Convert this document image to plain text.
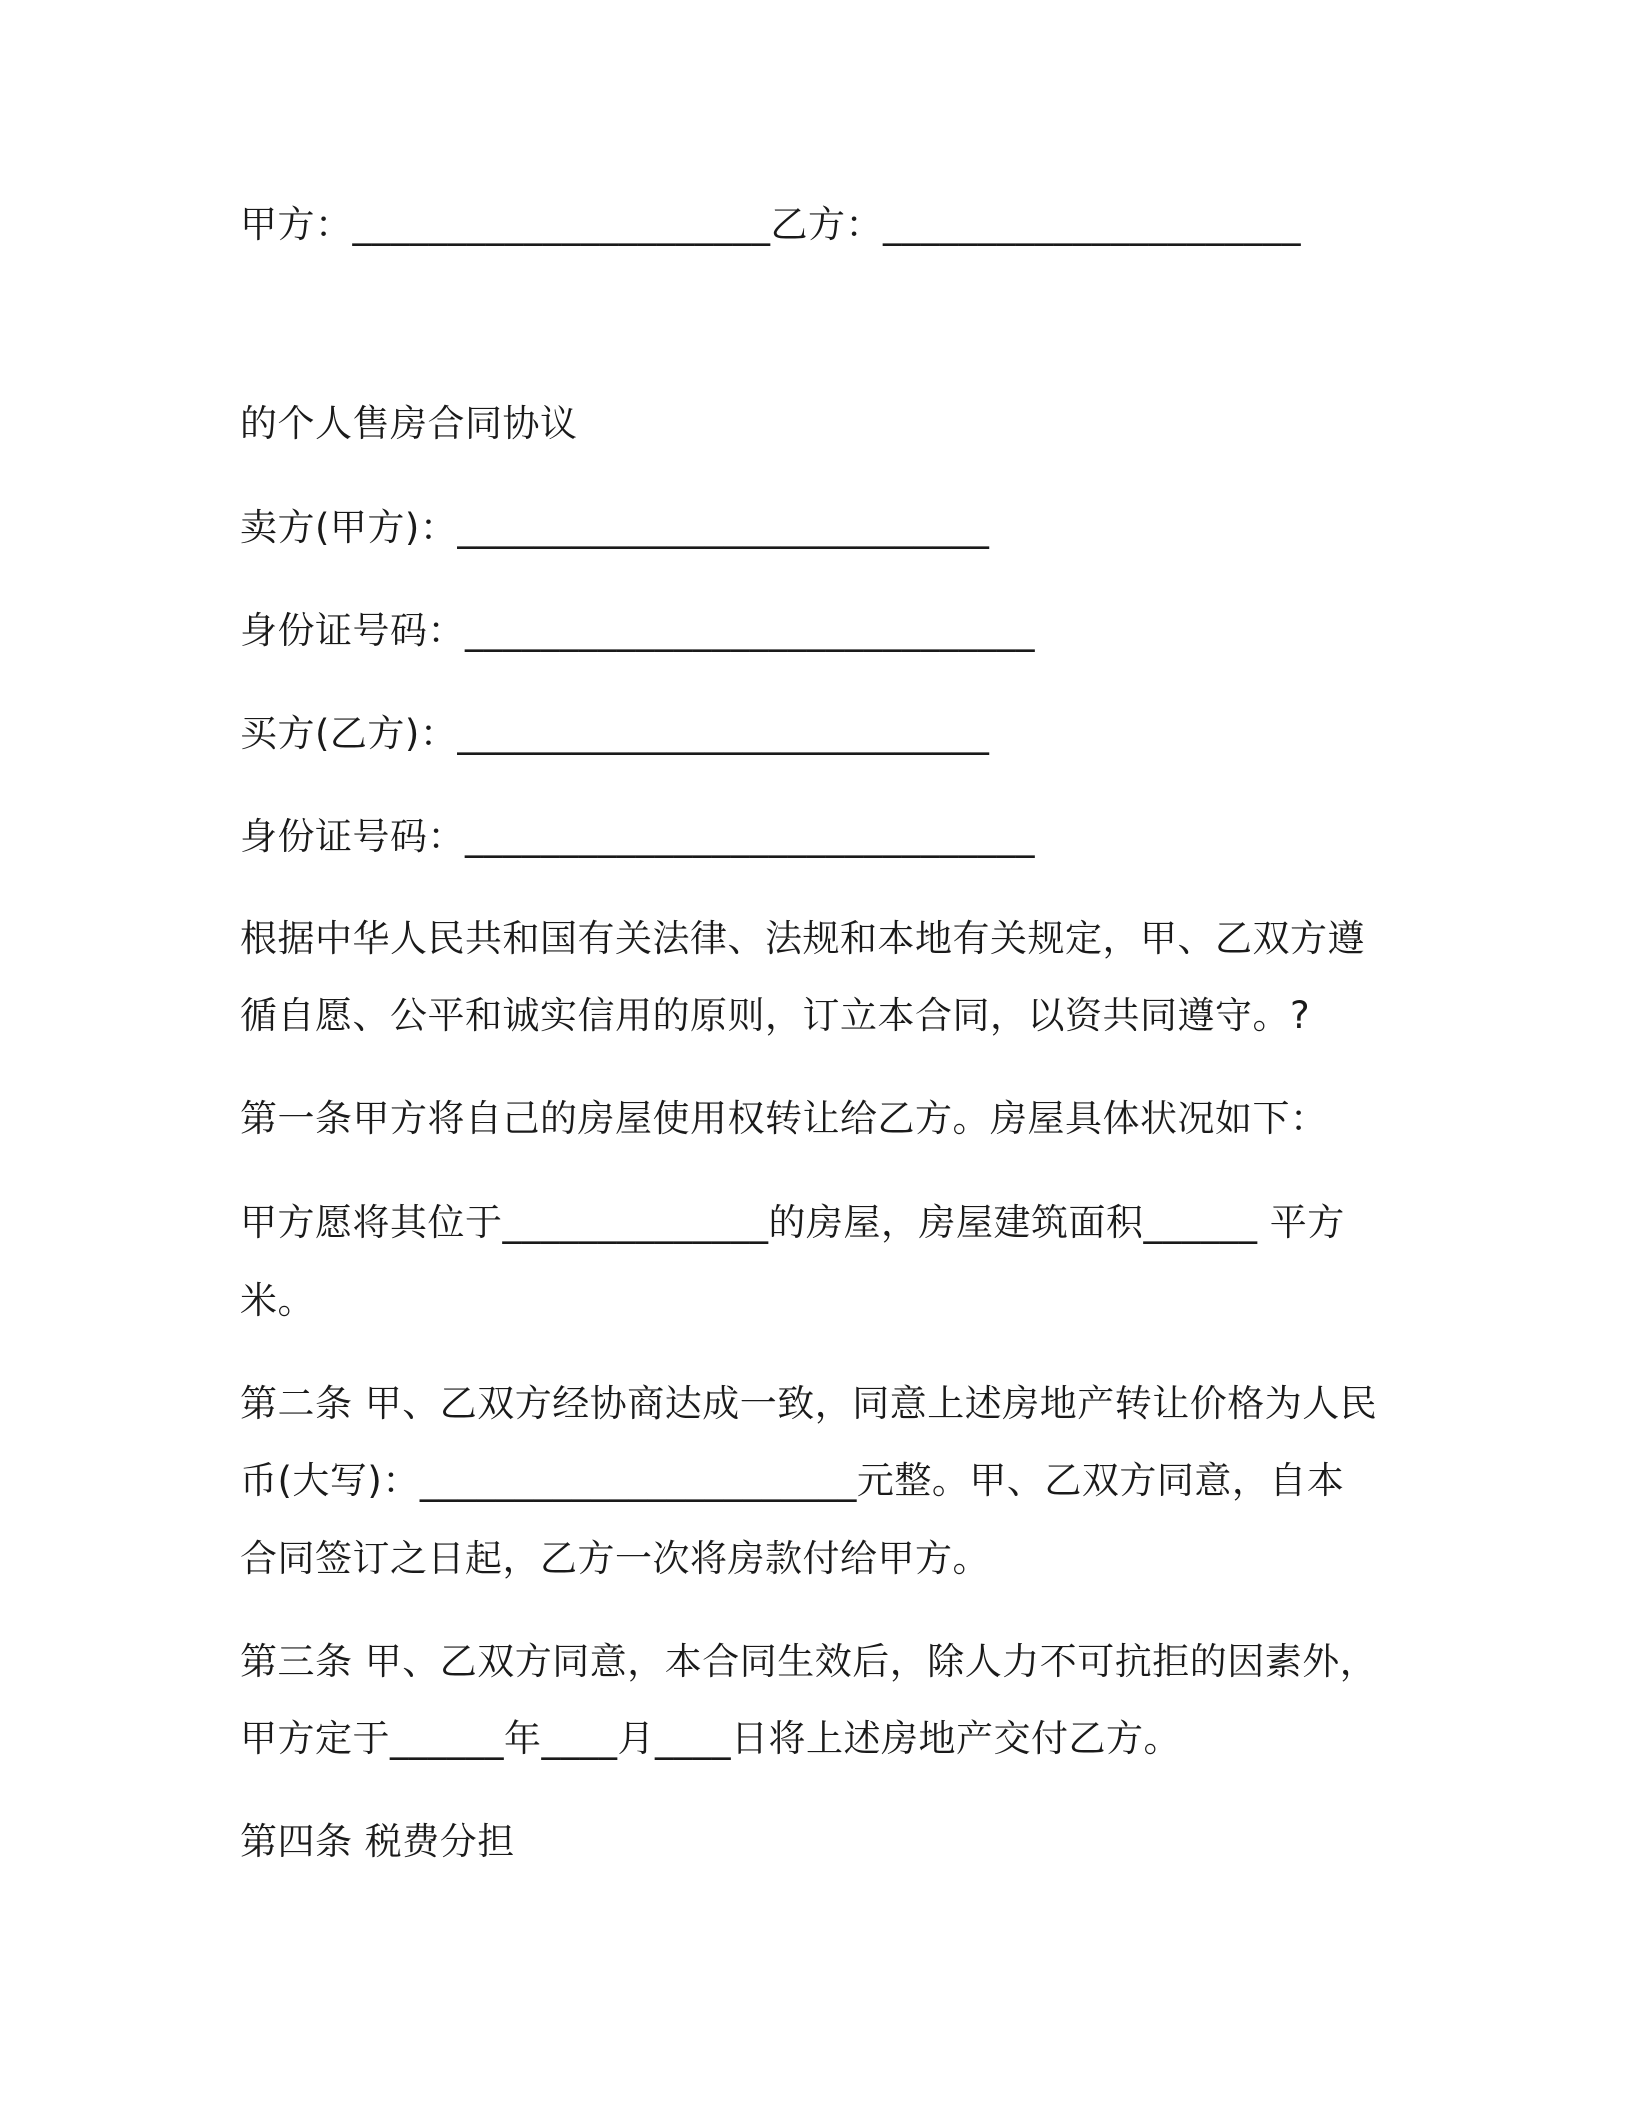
甲方：______________________乙方：______________________
的个人售房合同协议
卖方(甲方)：____________________________
身份证号码：______________________________
买方(乙方)：____________________________
身份证号码：______________________________
根据中华人民共和国有关法律、法规和本地有关规定，甲、乙双方遵
循自愿、公平和诚实信用的原则，订立本合同，以资共同遵守。?
第一条甲方将自己的房屋使用权转让给乙方。房屋具体状况如下：
甲方愿将其位于______________的房屋，房屋建筑面积______ 平方
米。
第二条 甲、乙双方经协商达成一致，同意上述房地产转让价格为人民
币(大写)：_______________________元整。甲、乙双方同意，自本
合同签订之日起，乙方一次将房款付给甲方。
第三条 甲、乙双方同意，本合同生效后，除人力不可抗拒的因素外，
甲方定于______年____月____日将上述房地产交付乙方。
第四条 税费分担
